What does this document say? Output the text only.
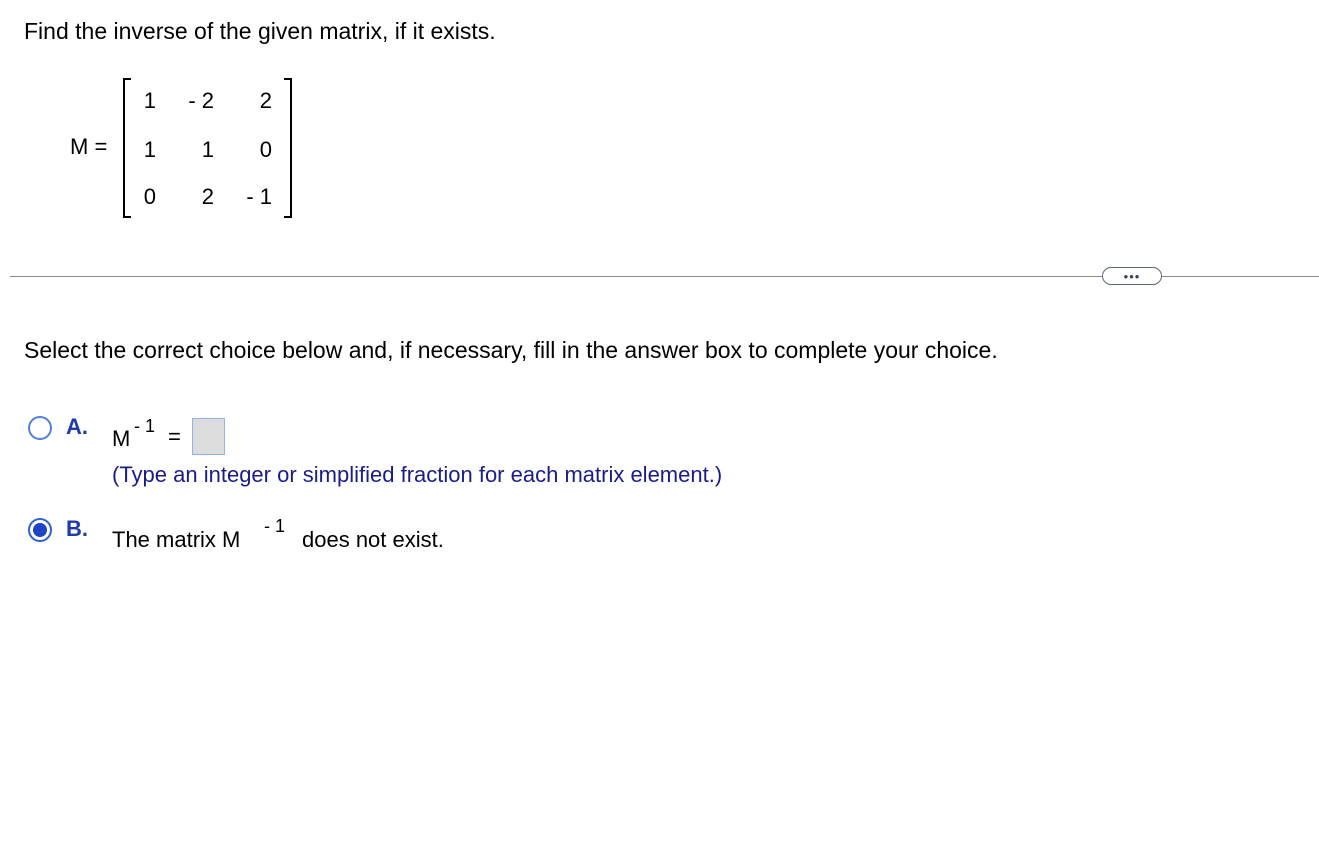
Find the inverse of the given matrix, if it exists.
M =
1	- 2	2
1	1	0
0	2	- 1
•••
Select the correct choice below and, if necessary, fill in the answer box to complete your choice.
A. M - 1 =
(Type an integer or simplified fraction for each matrix element.)
B. The matrix M
- 1
does not exist.
